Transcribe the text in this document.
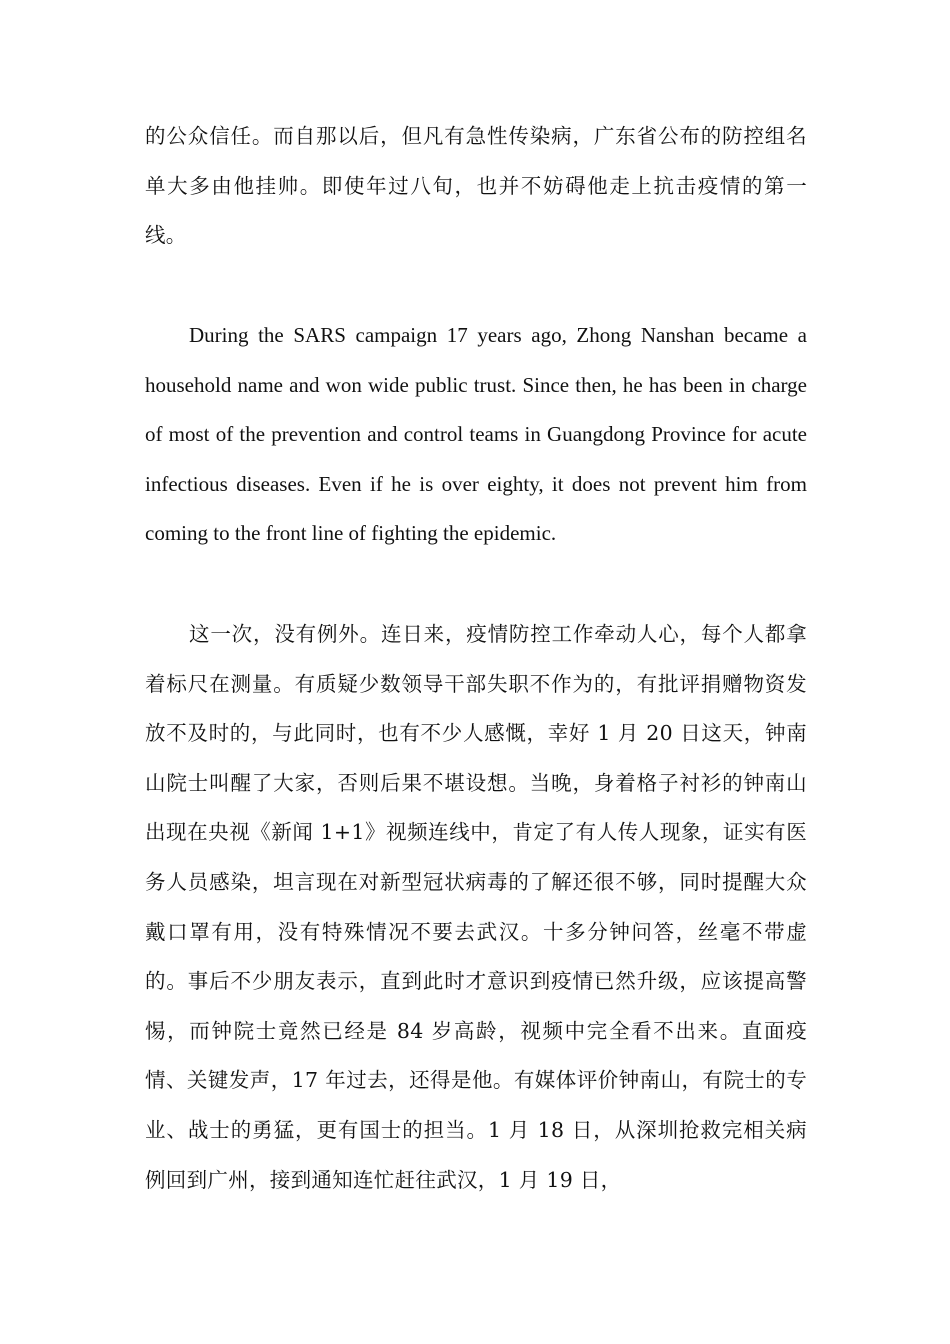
的公众信任。而自那以后，但凡有急性传染病，广东省公布的防控组名单大多由他挂帅。即使年过八旬，也并不妨碍他走上抗击疫情的第一线。

During the SARS campaign 17 years ago, Zhong Nanshan became a household name and won wide public trust. Since then, he has been in charge of most of the prevention and control teams in Guangdong Province for acute infectious diseases. Even if he is over eighty, it does not prevent him from coming to the front line of fighting the epidemic.

这一次，没有例外。连日来，疫情防控工作牵动人心，每个人都拿着标尺在测量。有质疑少数领导干部失职不作为的，有批评捐赠物资发放不及时的，与此同时，也有不少人感慨，幸好 1 月 20 日这天，钟南山院士叫醒了大家，否则后果不堪设想。当晚，身着格子衬衫的钟南山出现在央视《新闻 1+1》视频连线中，肯定了有人传人现象，证实有医务人员感染，坦言现在对新型冠状病毒的了解还很不够，同时提醒大众戴口罩有用，没有特殊情况不要去武汉。十多分钟问答，丝毫不带虚的。事后不少朋友表示，直到此时才意识到疫情已然升级，应该提高警惕，而钟院士竟然已经是 84 岁高龄，视频中完全看不出来。直面疫情、关键发声，17 年过去，还得是他。有媒体评价钟南山，有院士的专业、战士的勇猛，更有国士的担当。1 月 18 日，从深圳抢救完相关病例回到广州，接到通知连忙赶往武汉，1 月 19 日，
